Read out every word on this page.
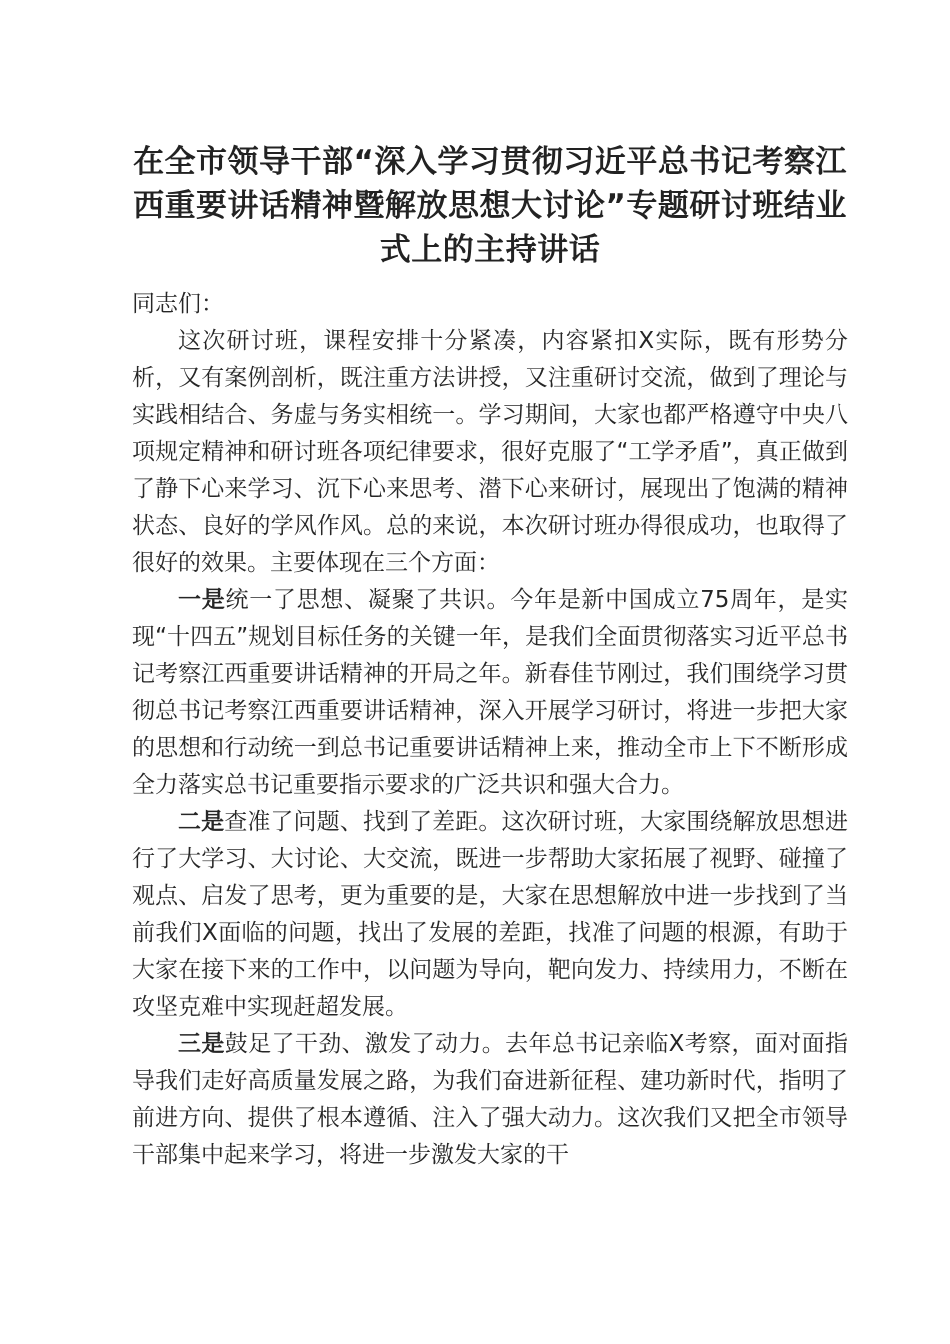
在全市领导干部“深入学习贯彻习近平总书记考察江西重要讲话精神暨解放思想大讨论”专题研讨班结业式上的主持讲话

同志们：

这次研讨班，课程安排十分紧凑，内容紧扣X实际，既有形势分析，又有案例剖析，既注重方法讲授，又注重研讨交流，做到了理论与实践相结合、务虚与务实相统一。学习期间，大家也都严格遵守中央八项规定精神和研讨班各项纪律要求，很好克服了“工学矛盾”，真正做到了静下心来学习、沉下心来思考、潜下心来研讨，展现出了饱满的精神状态、良好的学风作风。总的来说，本次研讨班办得很成功，也取得了很好的效果。主要体现在三个方面：

一是统一了思想、凝聚了共识。今年是新中国成立75周年，是实现“十四五”规划目标任务的关键一年，是我们全面贯彻落实习近平总书记考察江西重要讲话精神的开局之年。新春佳节刚过，我们围绕学习贯彻总书记考察江西重要讲话精神，深入开展学习研讨，将进一步把大家的思想和行动统一到总书记重要讲话精神上来，推动全市上下不断形成全力落实总书记重要指示要求的广泛共识和强大合力。

二是查准了问题、找到了差距。这次研讨班，大家围绕解放思想进行了大学习、大讨论、大交流，既进一步帮助大家拓展了视野、碰撞了观点、启发了思考，更为重要的是，大家在思想解放中进一步找到了当前我们X面临的问题，找出了发展的差距，找准了问题的根源，有助于大家在接下来的工作中，以问题为导向，靶向发力、持续用力，不断在攻坚克难中实现赶超发展。

三是鼓足了干劲、激发了动力。去年总书记亲临X考察，面对面指导我们走好高质量发展之路，为我们奋进新征程、建功新时代，指明了前进方向、提供了根本遵循、注入了强大动力。这次我们又把全市领导干部集中起来学习，将进一步激发大家的干
